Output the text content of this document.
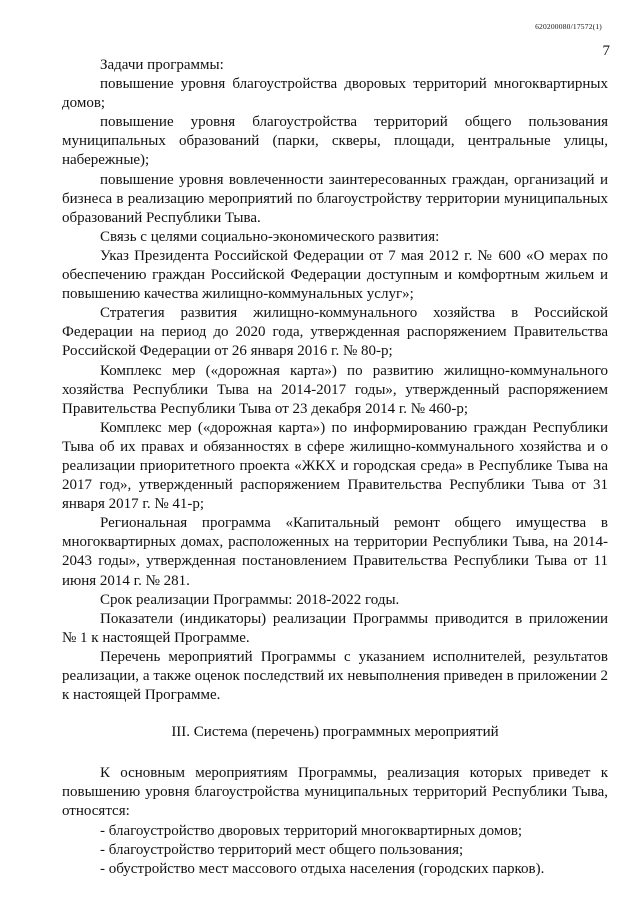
620200080/17572(1)
7

Задачи программы:

повышение уровня благоустройства дворовых территорий многоквартирных домов;

повышение уровня благоустройства территорий общего пользования муниципальных образований (парки, скверы, площади, центральные улицы, набережные);

повышение уровня вовлеченности заинтересованных граждан, организаций и бизнеса в реализацию мероприятий по благоустройству территории муниципальных образований Республики Тыва.

Связь с целями социально-экономического развития:

Указ Президента Российской Федерации от 7 мая 2012 г. № 600 «О мерах по обеспечению граждан Российской Федерации доступным и комфортным жильем и повышению качества жилищно-коммунальных услуг»;

Стратегия развития жилищно-коммунального хозяйства в Российской Федерации на период до 2020 года, утвержденная распоряжением Правительства Российской Федерации от 26 января 2016 г. № 80-р;

Комплекс мер («дорожная карта») по развитию жилищно-коммунального хозяйства Республики Тыва на 2014-2017 годы», утвержденный распоряжением Правительства Республики Тыва от 23 декабря 2014 г. № 460-р;

Комплекс мер («дорожная карта») по информированию граждан Республики Тыва об их правах и обязанностях в сфере жилищно-коммунального хозяйства и о реализации приоритетного проекта «ЖКХ и городская среда» в Республике Тыва на 2017 год», утвержденный распоряжением Правительства Республики Тыва от 31 января 2017 г. № 41-р;

Региональная программа «Капитальный ремонт общего имущества в многоквартирных домах, расположенных на территории Республики Тыва, на 2014-2043 годы», утвержденная постановлением Правительства Республики Тыва от 11 июня 2014 г. № 281.

Срок реализации Программы: 2018-2022 годы.

Показатели (индикаторы) реализации Программы приводится в приложении № 1 к настоящей Программе.

Перечень мероприятий Программы с указанием исполнителей, результатов реализации, а также оценок последствий их невыполнения приведен в приложении 2 к настоящей Программе.

III. Система (перечень) программных мероприятий

К основным мероприятиям Программы, реализация которых приведет к повышению уровня благоустройства муниципальных территорий Республики Тыва, относятся:

- благоустройство дворовых территорий многоквартирных домов;

- благоустройство территорий мест общего пользования;

- обустройство мест массового отдыха населения (городских парков).
